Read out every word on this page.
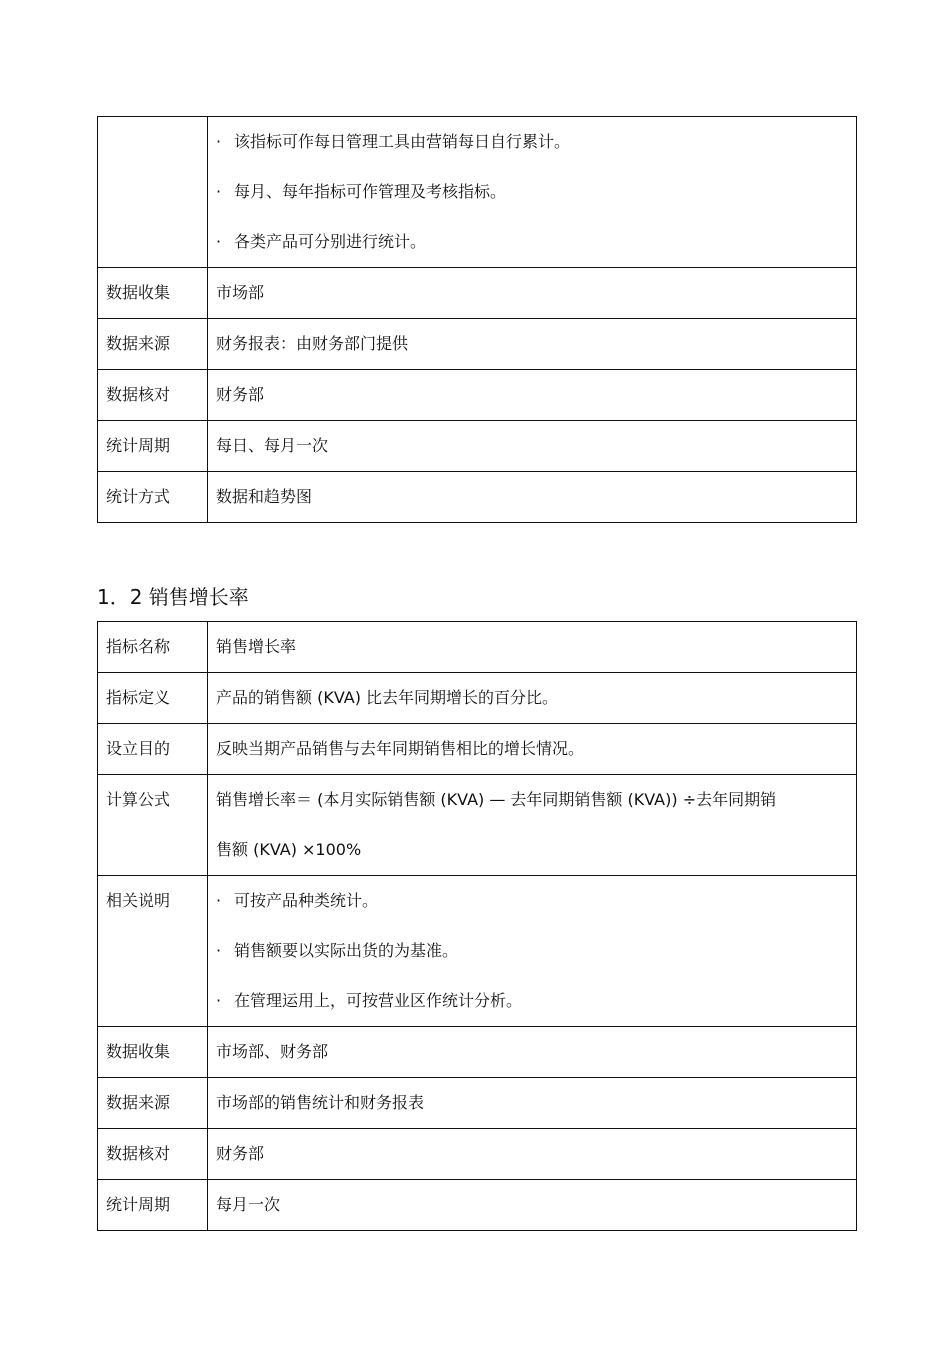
	· 该指标可作每日管理工具由营销每日自行累计。
· 每月、每年指标可作管理及考核指标。
· 各类产品可分别进行统计。

数据收集	市场部
数据来源	财务报表：由财务部门提供
数据核对	财务部
统计周期	每日、每月一次
统计方式	数据和趋势图
1．2 销售增长率
指标名称	销售增长率
指标定义	产品的销售额 (KVA) 比去年同期增长的百分比。
设立目的	反映当期产品销售与去年同期销售相比的增长情况。
计算公式	销售增长率＝ (本月实际销售额 (KVA) — 去年同期销售额 (KVA)) ÷去年同期销
售额 (KVA) ×100%

相关说明	· 可按产品种类统计。
· 销售额要以实际出货的为基准。
· 在管理运用上，可按营业区作统计分析。

数据收集	市场部、财务部
数据来源	市场部的销售统计和财务报表
数据核对	财务部
统计周期	每月一次
